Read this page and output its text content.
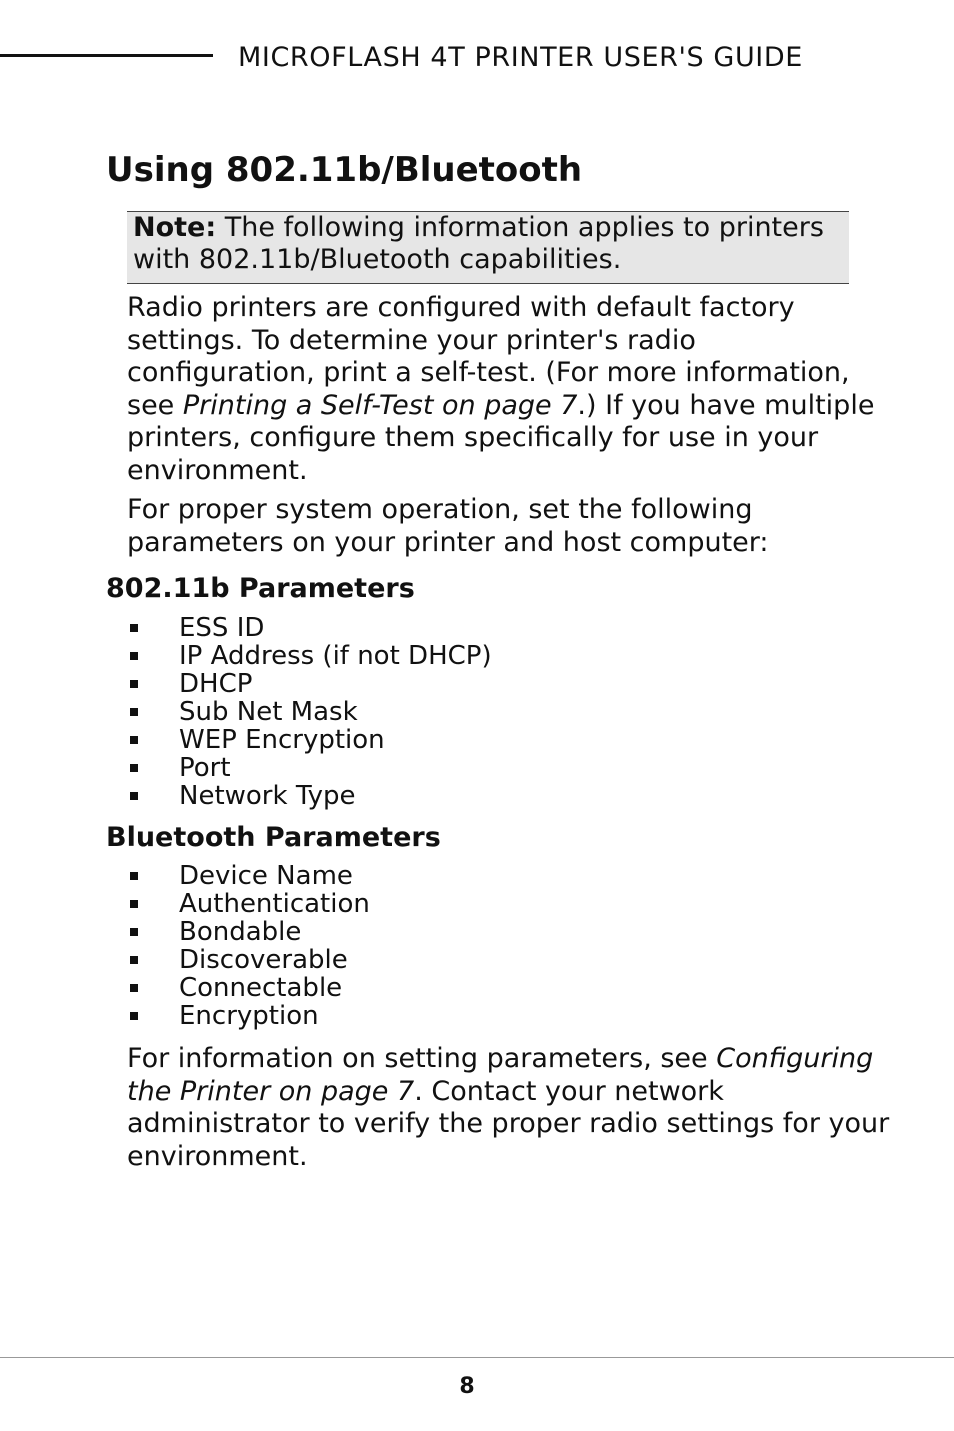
MICROFLASH 4T PRINTER USER'S GUIDE
Using 802.11b/Bluetooth
Note: The following information applies to printers
with 802.11b/Bluetooth capabilities.
Radio printers are configured with default factory
settings. To determine your printer's radio
configuration, print a self-test. (For more information,
see Printing a Self-Test on page 7.) If you have multiple
printers, configure them specifically for use in your
environment.
For proper system operation, set the following
parameters on your printer and host computer:
802.11b Parameters
ESS ID
IP Address (if not DHCP)
DHCP
Sub Net Mask
WEP Encryption
Port
Network Type
Bluetooth Parameters
Device Name
Authentication
Bondable
Discoverable
Connectable
Encryption
For information on setting parameters, see Configuring
the Printer on page 7. Contact your network
administrator to verify the proper radio settings for your
environment.
8
